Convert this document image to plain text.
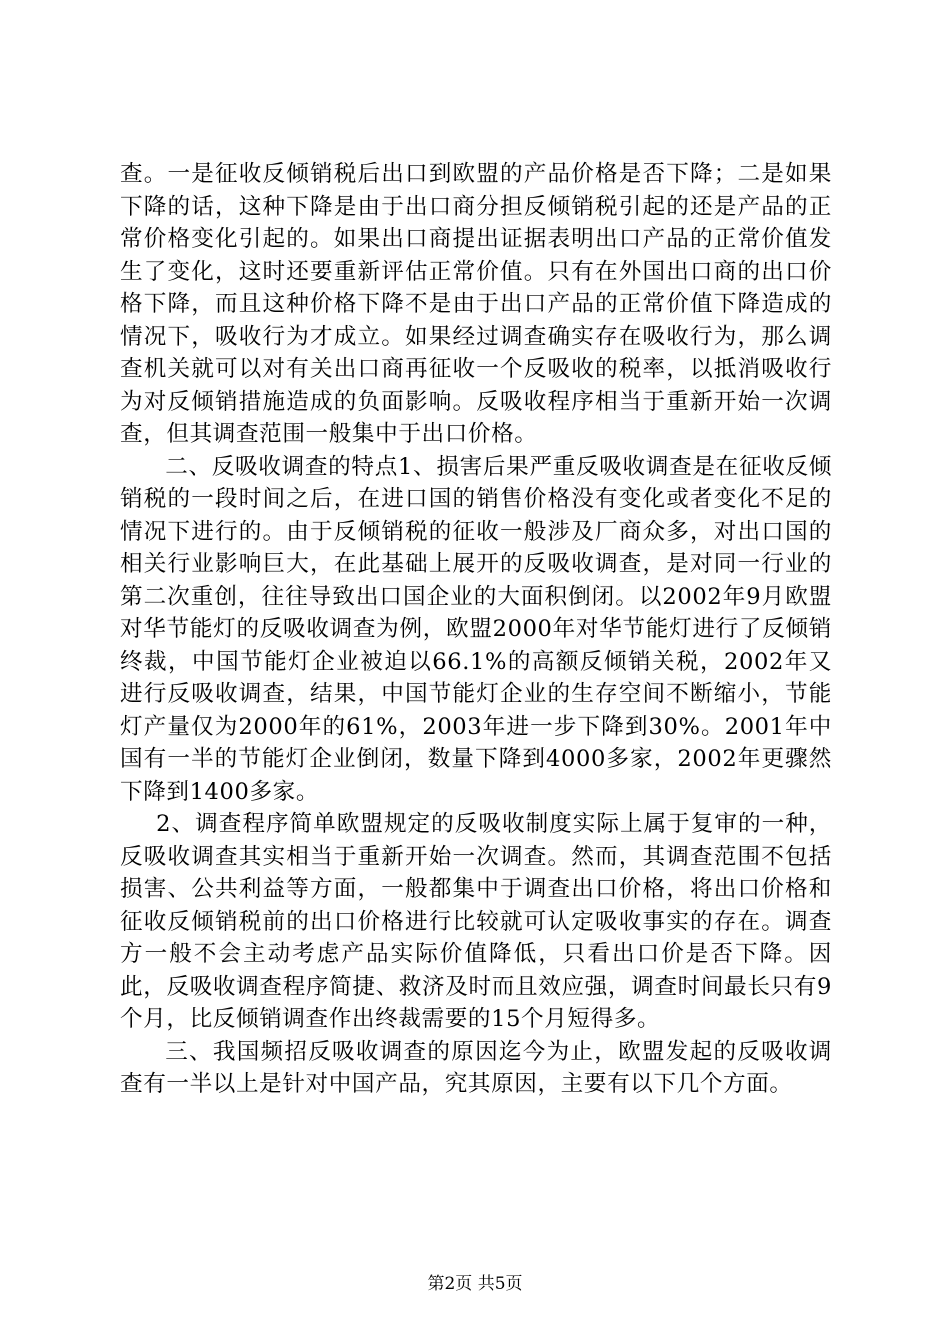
查。一是征收反倾销税后出口到欧盟的产品价格是否下降；二是如果下降的话，这种下降是由于出口商分担反倾销税引起的还是产品的正常价格变化引起的。如果出口商提出证据表明出口产品的正常价值发生了变化，这时还要重新评估正常价值。只有在外国出口商的出口价格下降，而且这种价格下降不是由于出口产品的正常价值下降造成的情况下，吸收行为才成立。如果经过调查确实存在吸收行为，那么调查机关就可以对有关出口商再征收一个反吸收的税率，以抵消吸收行为对反倾销措施造成的负面影响。反吸收程序相当于重新开始一次调查，但其调查范围一般集中于出口价格。

二、反吸收调查的特点1、损害后果严重反吸收调查是在征收反倾销税的一段时间之后，在进口国的销售价格没有变化或者变化不足的情况下进行的。由于反倾销税的征收一般涉及厂商众多，对出口国的相关行业影响巨大，在此基础上展开的反吸收调查，是对同一行业的第二次重创，往往导致出口国企业的大面积倒闭。以2002年9月欧盟对华节能灯的反吸收调查为例，欧盟2000年对华节能灯进行了反倾销终裁，中国节能灯企业被迫以66.1%的高额反倾销关税，2002年又进行反吸收调查，结果，中国节能灯企业的生存空间不断缩小，节能灯产量仅为2000年的61%，2003年进一步下降到30%。2001年中国有一半的节能灯企业倒闭，数量下降到4000多家，2002年更骤然下降到1400多家。

2、调查程序简单欧盟规定的反吸收制度实际上属于复审的一种，反吸收调查其实相当于重新开始一次调查。然而，其调查范围不包括损害、公共利益等方面，一般都集中于调查出口价格，将出口价格和征收反倾销税前的出口价格进行比较就可认定吸收事实的存在。调查方一般不会主动考虑产品实际价值降低，只看出口价是否下降。因此，反吸收调查程序简捷、救济及时而且效应强，调查时间最长只有9个月，比反倾销调查作出终裁需要的15个月短得多。

三、我国频招反吸收调查的原因迄今为止，欧盟发起的反吸收调查有一半以上是针对中国产品，究其原因，主要有以下几个方面。

第2页 共5页
